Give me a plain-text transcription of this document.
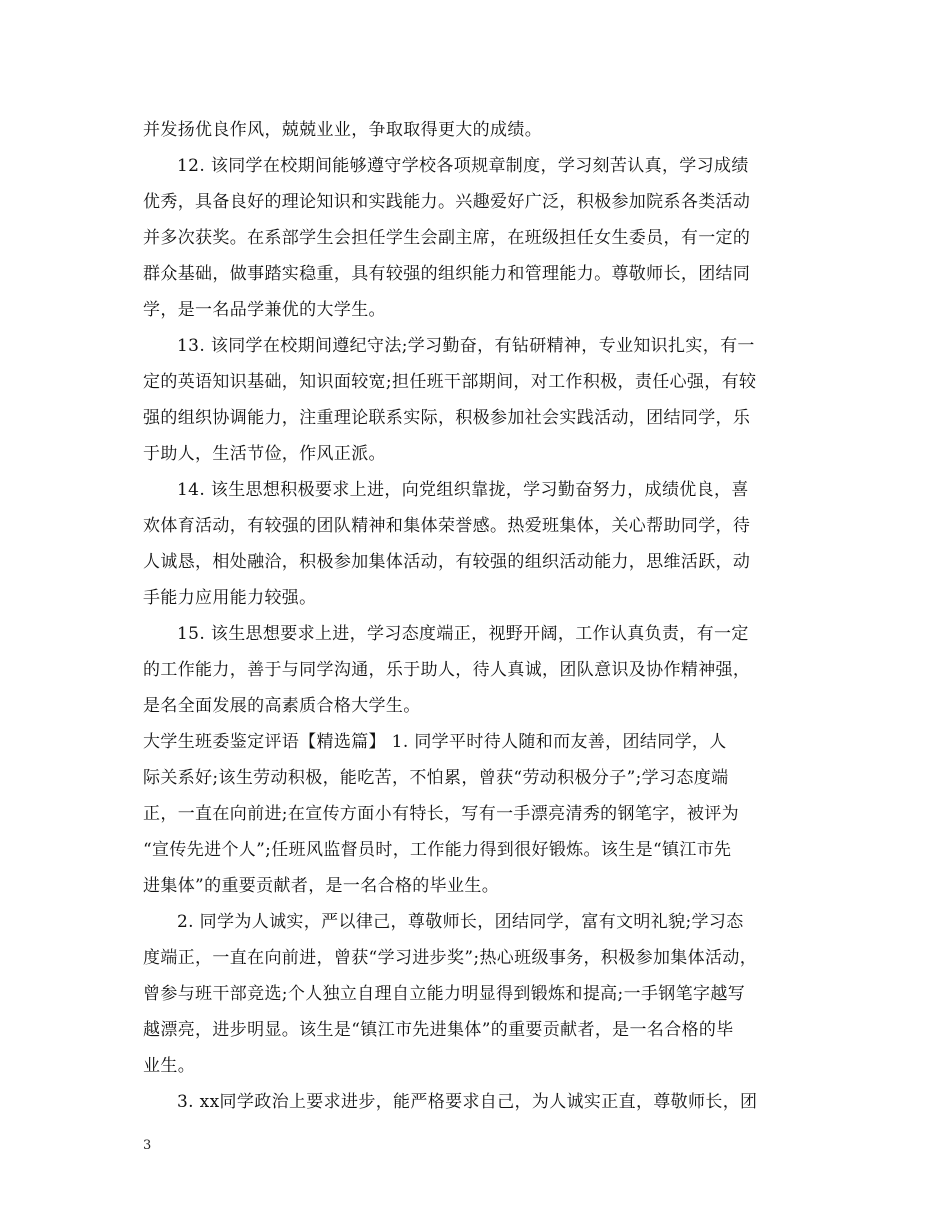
并发扬优良作风，兢兢业业，争取取得更大的成绩。
12. 该同学在校期间能够遵守学校各项规章制度，学习刻苦认真，学习成绩
优秀，具备良好的理论知识和实践能力。兴趣爱好广泛，积极参加院系各类活动
并多次获奖。在系部学生会担任学生会副主席，在班级担任女生委员，有一定的
群众基础，做事踏实稳重，具有较强的组织能力和管理能力。尊敬师长，团结同
学，是一名品学兼优的大学生。
13. 该同学在校期间遵纪守法;学习勤奋，有钻研精神，专业知识扎实，有一
定的英语知识基础，知识面较宽;担任班干部期间，对工作积极，责任心强，有较
强的组织协调能力，注重理论联系实际，积极参加社会实践活动，团结同学，乐
于助人，生活节俭，作风正派。
14. 该生思想积极要求上进，向党组织靠拢，学习勤奋努力，成绩优良，喜
欢体育活动，有较强的团队精神和集体荣誉感。热爱班集体，关心帮助同学，待
人诚恳，相处融洽，积极参加集体活动，有较强的组织活动能力，思维活跃，动
手能力应用能力较强。
15. 该生思想要求上进，学习态度端正，视野开阔，工作认真负责，有一定
的工作能力，善于与同学沟通，乐于助人，待人真诚，团队意识及协作精神强，
是名全面发展的高素质合格大学生。
大学生班委鉴定评语【精选篇】 1. 同学平时待人随和而友善，团结同学，人
际关系好;该生劳动积极，能吃苦，不怕累，曾获“劳动积极分子”;学习态度端
正，一直在向前进;在宣传方面小有特长，写有一手漂亮清秀的钢笔字，被评为
“宣传先进个人”;任班风监督员时，工作能力得到很好锻炼。该生是“镇江市先
进集体”的重要贡献者，是一名合格的毕业生。
2. 同学为人诚实，严以律己，尊敬师长，团结同学，富有文明礼貌;学习态
度端正，一直在向前进，曾获“学习进步奖”;热心班级事务，积极参加集体活动，
曾参与班干部竞选;个人独立自理自立能力明显得到锻炼和提高;一手钢笔字越写
越漂亮，进步明显。该生是“镇江市先进集体”的重要贡献者，是一名合格的毕
业生。
3. xx同学政治上要求进步，能严格要求自己，为人诚实正直，尊敬师长，团
3
